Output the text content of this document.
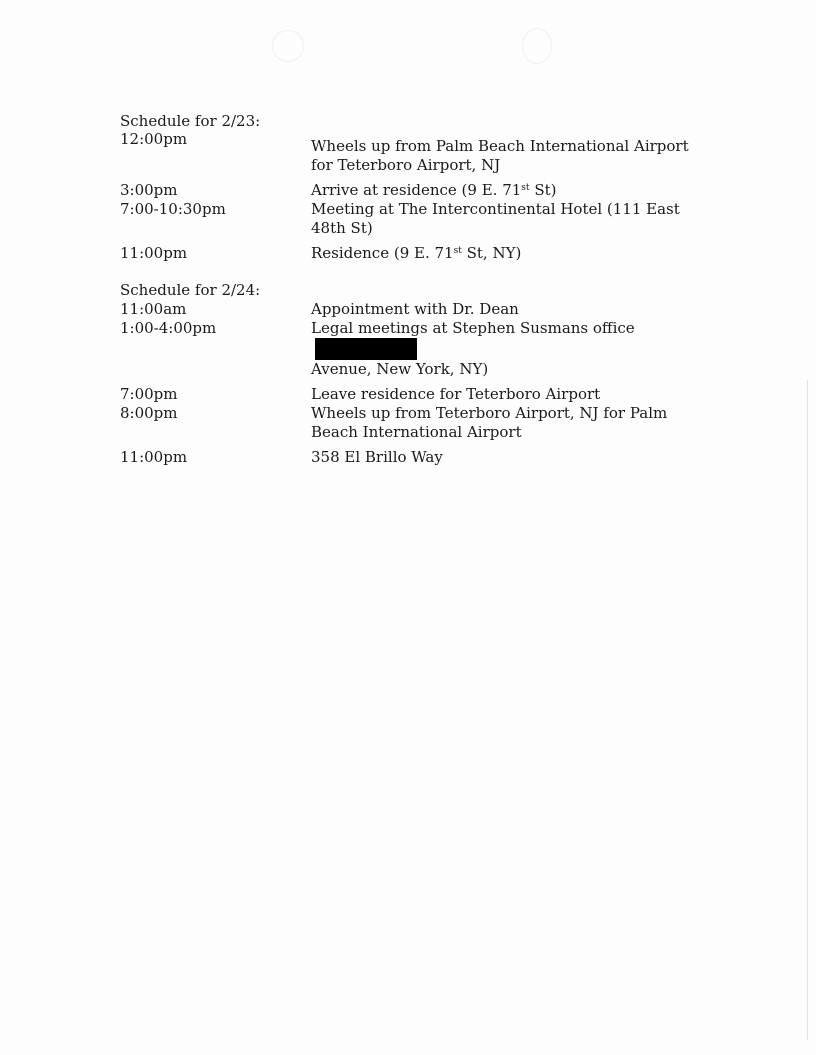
Schedule for 2/23:
12:00pm	Wheels up from Palm Beach International Airport for Teterboro Airport, NJ
3:00pm	Arrive at residence (9 E. 71st St)
7:00-10:30pm	Meeting at The Intercontinental Hotel (111 East 48th St)
11:00pm	Residence (9 E. 71st St, NY)
Schedule for 2/24:
11:00am	Appointment with Dr. Dean
1:00-4:00pm	Legal meetings at Stephen Susmans office
Avenue, New York, NY)
7:00pm	Leave residence for Teterboro Airport
8:00pm	Wheels up from Teterboro Airport, NJ for Palm Beach International Airport
11:00pm	358 El Brillo Way
